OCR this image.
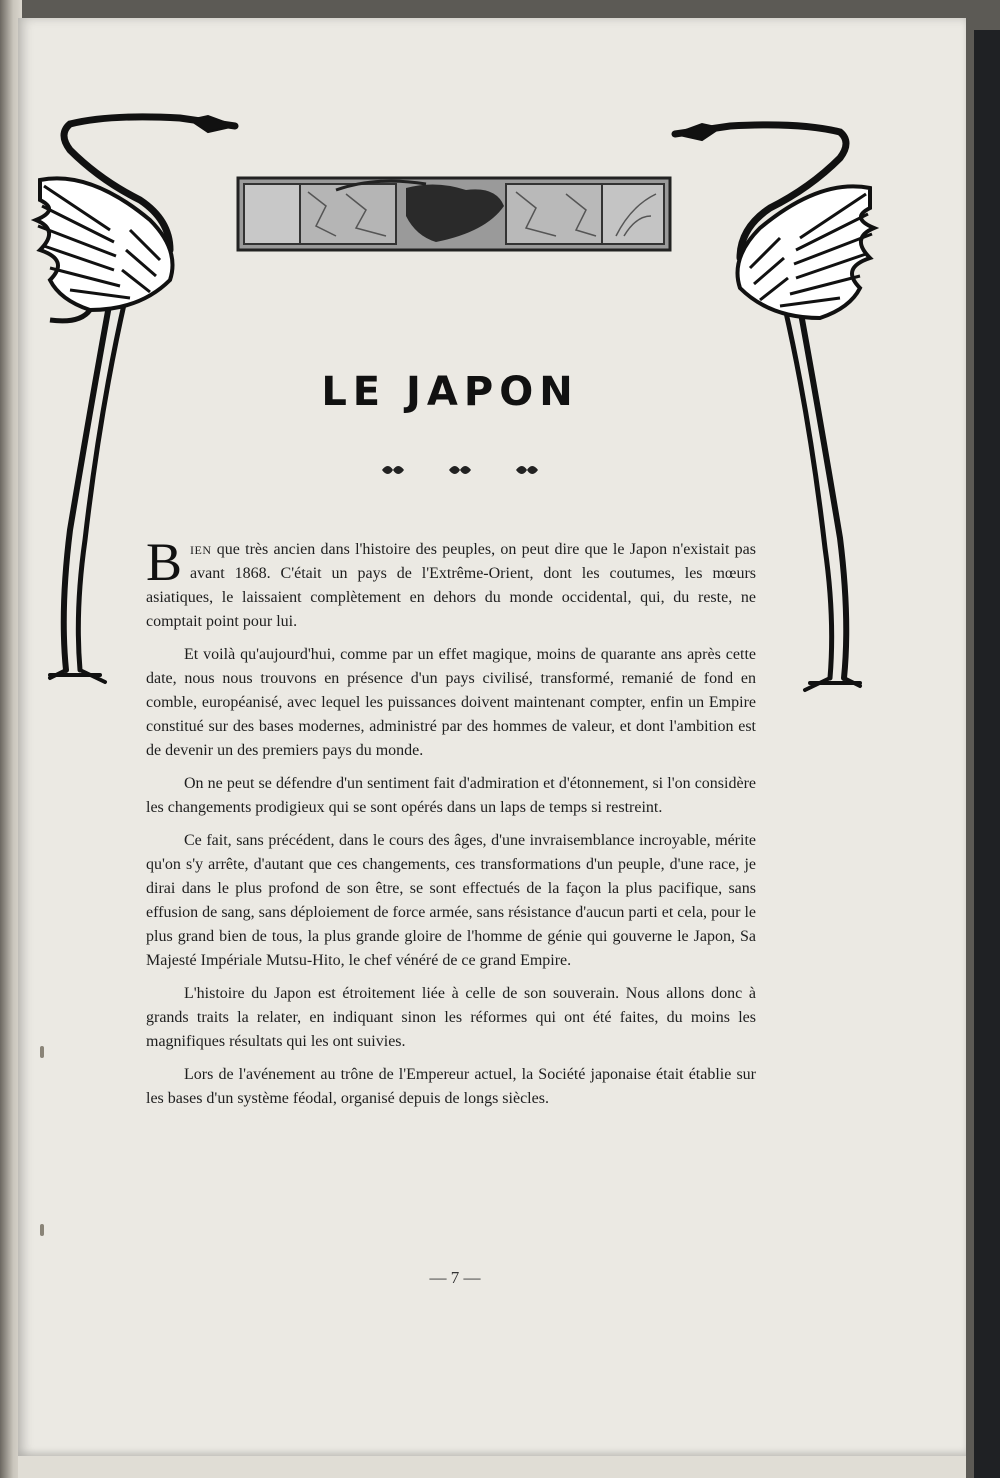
LE JAPON

BIEN que très ancien dans l'histoire des peuples, on peut dire que le Japon n'existait pas avant 1868. C'était un pays de l'Extrême-Orient, dont les coutumes, les mœurs asiatiques, le laissaient complètement en dehors du monde occidental, qui, du reste, ne comptait point pour lui.

Et voilà qu'aujourd'hui, comme par un effet magique, moins de quarante ans après cette date, nous nous trouvons en présence d'un pays civilisé, transformé, remanié de fond en comble, européanisé, avec lequel les puissances doivent maintenant compter, enfin un Empire constitué sur des bases modernes, administré par des hommes de valeur, et dont l'ambition est de devenir un des premiers pays du monde.

On ne peut se défendre d'un sentiment fait d'admiration et d'étonnement, si l'on considère les changements prodigieux qui se sont opérés dans un laps de temps si restreint.

Ce fait, sans précédent, dans le cours des âges, d'une invraisemblance incroyable, mérite qu'on s'y arrête, d'autant que ces changements, ces transformations d'un peuple, d'une race, je dirai dans le plus profond de son être, se sont effectués de la façon la plus pacifique, sans effusion de sang, sans déploiement de force armée, sans résistance d'aucun parti et cela, pour le plus grand bien de tous, la plus grande gloire de l'homme de génie qui gouverne le Japon, Sa Majesté Impériale Mutsu-Hito, le chef vénéré de ce grand Empire.

L'histoire du Japon est étroitement liée à celle de son souverain. Nous allons donc à grands traits la relater, en indiquant sinon les réformes qui ont été faites, du moins les magnifiques résultats qui les ont suivies.

Lors de l'avénement au trône de l'Empereur actuel, la Société japonaise était établie sur les bases d'un système féodal, organisé depuis de longs siècles.

— 7 —
